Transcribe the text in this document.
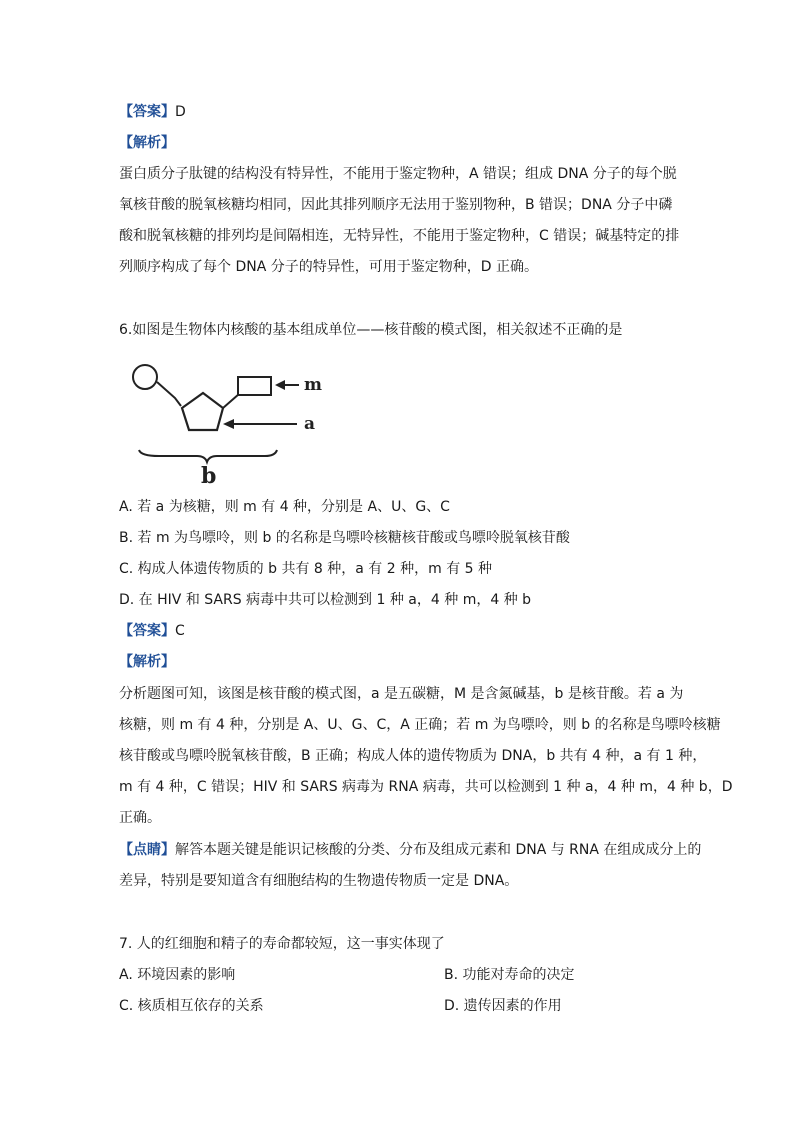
【答案】D
【解析】
蛋白质分子肽键的结构没有特异性，不能用于鉴定物种，A 错误；组成 DNA 分子的每个脱
氧核苷酸的脱氧核糖均相同，因此其排列顺序无法用于鉴别物种，B 错误；DNA 分子中磷
酸和脱氧核糖的排列均是间隔相连，无特异性，不能用于鉴定物种，C 错误；碱基特定的排
列顺序构成了每个 DNA 分子的特异性，可用于鉴定物种，D 正确。
6.如图是生物体内核酸的基本组成单位——核苷酸的模式图，相关叙述不正确的是
m
a
b
A. 若 a 为核糖，则 m 有 4 种，分别是 A、U、G、C
B. 若 m 为鸟嘌呤，则 b 的名称是鸟嘌呤核糖核苷酸或鸟嘌呤脱氧核苷酸
C. 构成人体遗传物质的 b 共有 8 种，a 有 2 种，m 有 5 种
D. 在 HIV 和 SARS 病毒中共可以检测到 1 种 a，4 种 m，4 种 b
【答案】C
【解析】
分析题图可知，该图是核苷酸的模式图，a 是五碳糖，M 是含氮碱基，b 是核苷酸。若 a 为
核糖，则 m 有 4 种，分别是 A、U、G、C，A 正确；若 m 为鸟嘌呤，则 b 的名称是鸟嘌呤核糖
核苷酸或鸟嘌呤脱氧核苷酸，B 正确；构成人体的遗传物质为 DNA，b 共有 4 种，a 有 1 种，
m 有 4 种，C 错误；HIV 和 SARS 病毒为 RNA 病毒，共可以检测到 1 种 a，4 种 m，4 种 b，D
正确。
【点睛】解答本题关键是能识记核酸的分类、分布及组成元素和 DNA 与 RNA 在组成成分上的
差异，特别是要知道含有细胞结构的生物遗传物质一定是 DNA。
7. 人的红细胞和精子的寿命都较短，这一事实体现了
A. 环境因素的影响	B. 功能对寿命的决定
C. 核质相互依存的关系	D. 遗传因素的作用
